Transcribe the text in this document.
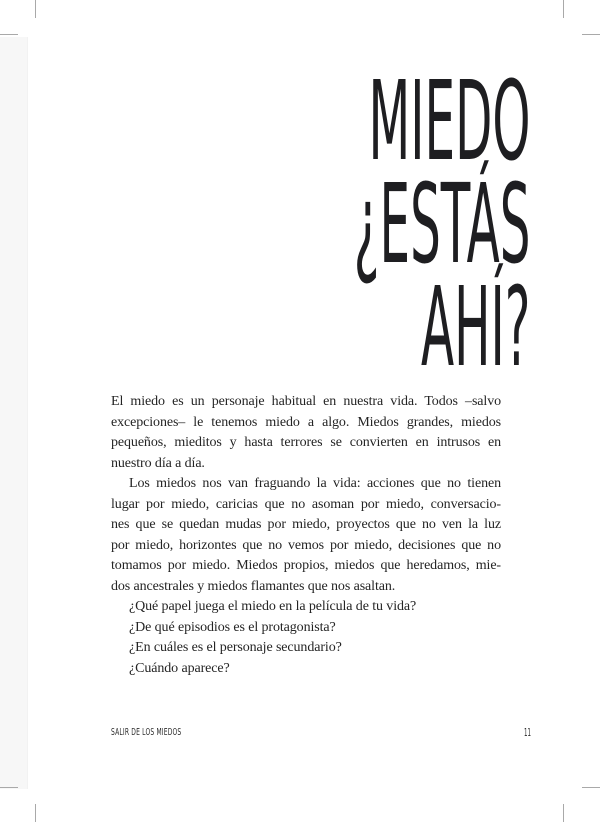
MIEDO
¿ESTÁS
AHÍ?
El miedo es un personaje habitual en nuestra vida. Todos –salvo
excepciones– le tenemos miedo a algo. Miedos grandes, miedos
pequeños, mieditos y hasta terrores se convierten en intrusos en
nuestro día a día.
Los miedos nos van fraguando la vida: acciones que no tienen
lugar por miedo, caricias que no asoman por miedo, conversacio-
nes que se quedan mudas por miedo, proyectos que no ven la luz
por miedo, horizontes que no vemos por miedo, decisiones que no
tomamos por miedo. Miedos propios, miedos que heredamos, mie-
dos ancestrales y miedos flamantes que nos asaltan.
¿Qué papel juega el miedo en la película de tu vida?
¿De qué episodios es el protagonista?
¿En cuáles es el personaje secundario?
¿Cuándo aparece?
SALIR DE LOS MIEDOS	11
